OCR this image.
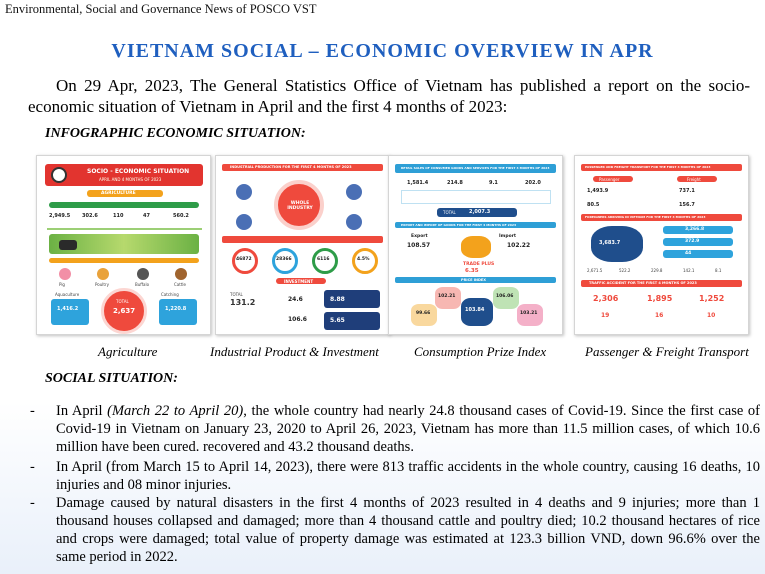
Environmental, Social and Governance News of POSCO VST
VIETNAM SOCIAL – ECONOMIC OVERVIEW IN APR
On 29 Apr, 2023, The General Statistics Office of Vietnam has published a report on the socio-economic situation of Vietnam in April and the first 4 months of 2023:
INFOGRAPHIC ECONOMIC SITUATION:
SOCIO - ECONOMIC SITUATION
APRIL AND 4 MONTHS OF 2023
AGRICULTURE
2,949.5 302.6	110	47	560.2
Pig	Poultry	Buffalo	Cattle
Aquaculture	Catching
1,416.2
TOTAL
2,637	1,220.8
INDUSTRIAL PRODUCTION FOR THE FIRST 4 MONTHS OF 2023
WHOLE INDUSTRY
46872	28366	6116	4.5%
INVESTMENT
TOTAL
131.2	24.6
106.6
8.88
5.65
RETAIL SALES OF CONSUMER GOODS AND SERVICES FOR THE FIRST 4 MONTHS OF 2023
1,581.4	214.8	9.1	202.0
TOTAL	2,007.3
EXPORT AND IMPORT OF GOODS FOR THE FIRST 4 MONTHS OF 2023
Export	Import
108.57	102.22
TRADE PLUS
6.35
PRICE INDEX
102.21	106.06
99.66
103.84
103.21
PASSENGER AND FREIGHT TRANSPORT FOR THE FIRST 4 MONTHS OF 2023
Passenger	Freight
1,493.9
80.5
737.1
156.7
FOREIGNERS ARRIVING IN VIETNAM FOR THE FIRST 4 MONTHS OF 2023
3,683.7
3,266.8
372.9
44
2,671.5	522.2	229.8	142.1	8.1
TRAFFIC ACCIDENT FOR THE FIRST 4 MONTHS OF 2023
2,306	1,895	1,252
19	16	10
Agriculture	Industrial Product & Investment	Consumption Prize Index	Passenger & Freight Transport
SOCIAL SITUATION:
- In April (March 22 to April 20), the whole country had nearly 24.8 thousand cases of Covid-19. Since the first case of Covid-19 in Vietnam on January 23, 2020 to April 26, 2023, Vietnam has more than 11.5 million cases, of which 10.6 million have been cured. recovered and 43.2 thousand deaths.
- In April (from March 15 to April 14, 2023), there were 813 traffic accidents in the whole country, causing 16 deaths, 10 injuries and 08 minor injuries.
- Damage caused by natural disasters in the first 4 months of 2023 resulted in 4 deaths and 9 injuries; more than 1 thousand houses collapsed and damaged; more than 4 thousand cattle and poultry died; 10.2 thousand hectares of rice and crops were damaged; total value of property damage was estimated at 123.3 billion VND, down 96.6% over the same period in 2022.
